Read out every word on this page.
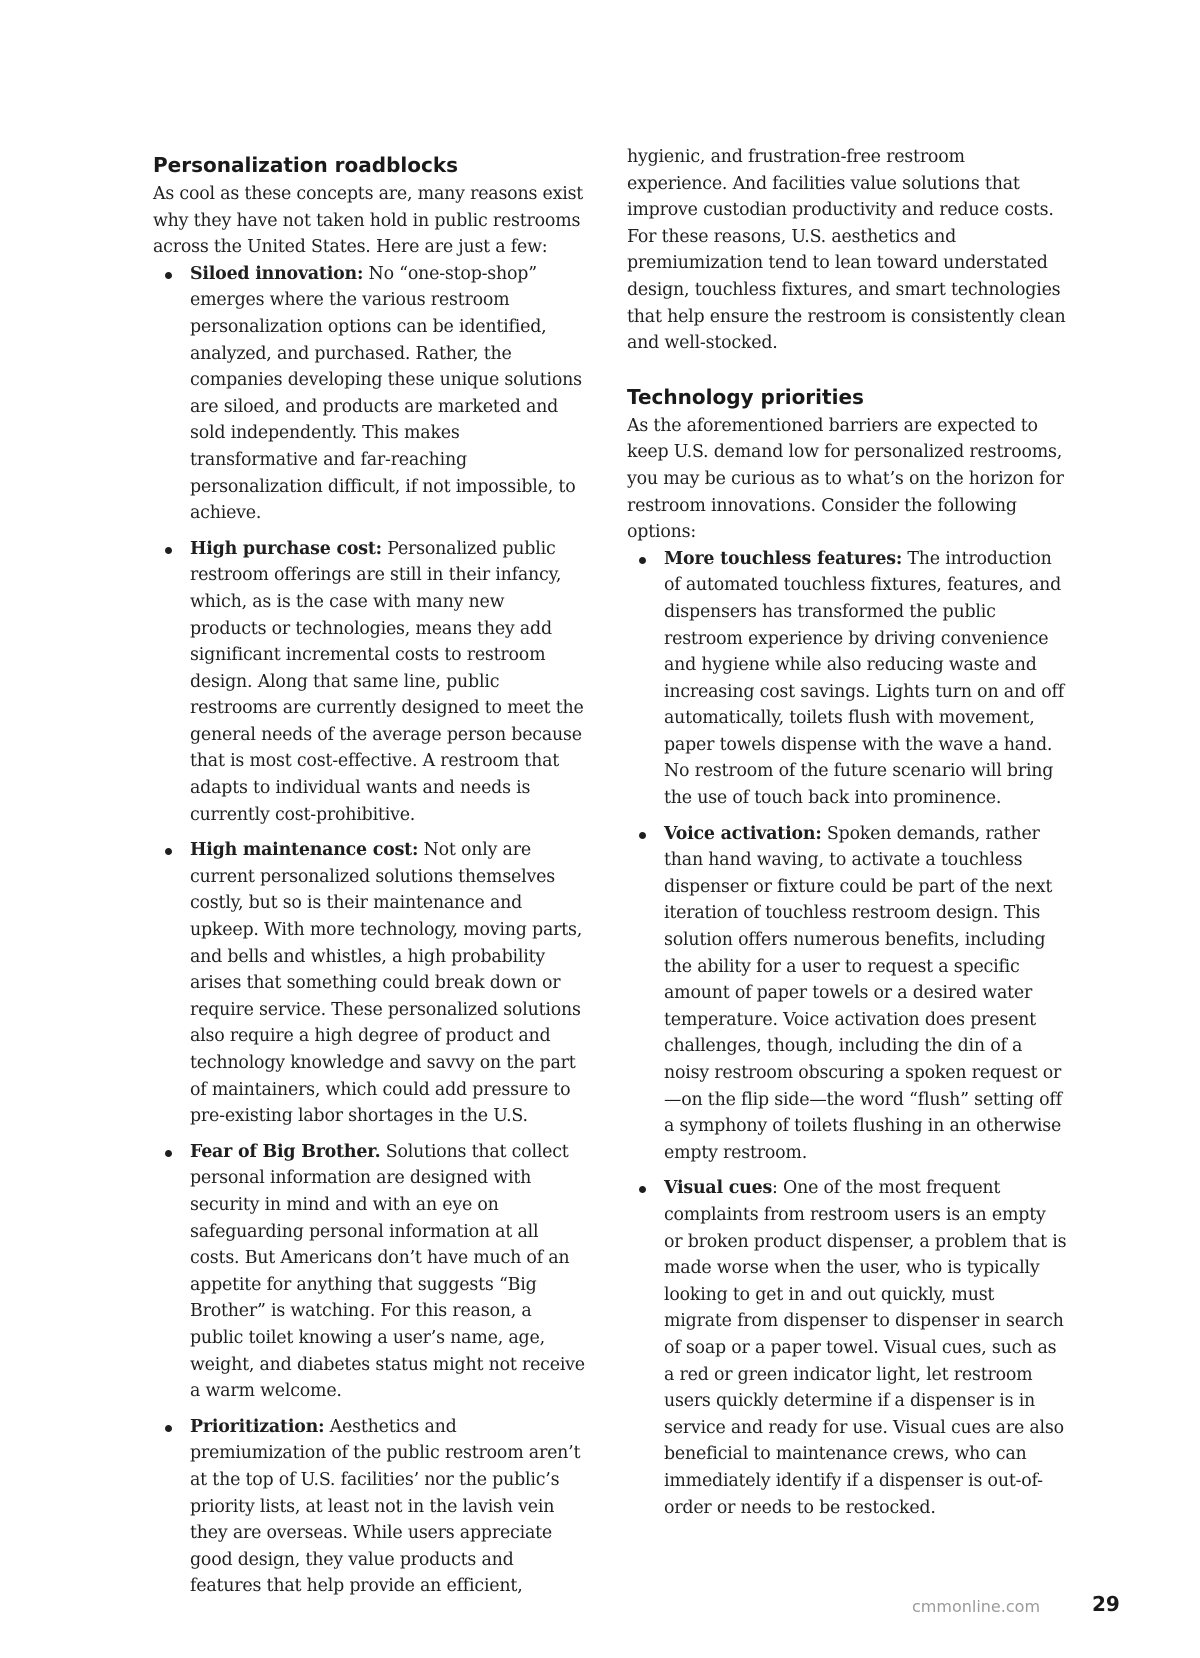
Personalization roadblocks

As cool as these concepts are, many reasons exist why they have not taken hold in public restrooms across the United States. Here are just a few:

Siloed innovation: No “one-stop-shop” emerges where the various restroom personalization options can be identified, analyzed, and purchased. Rather, the companies developing these unique solutions are siloed, and products are marketed and sold independently. This makes transformative and far-reaching personalization difficult, if not impossible, to achieve.
High purchase cost: Personalized public restroom offerings are still in their infancy, which, as is the case with many new products or technologies, means they add significant incremental costs to restroom design. Along that same line, public restrooms are currently designed to meet the general needs of the average person because that is most cost-effective. A restroom that adapts to individual wants and needs is currently cost-prohibitive.
High maintenance cost: Not only are current personalized solutions themselves costly, but so is their maintenance and upkeep. With more technology, moving parts, and bells and whistles, a high probability arises that something could break down or require service. These personalized solutions also require a high degree of product and technology knowledge and savvy on the part of maintainers, which could add pressure to pre-existing labor shortages in the U.S.
Fear of Big Brother. Solutions that collect personal information are designed with security in mind and with an eye on safeguarding personal information at all costs. But Americans don’t have much of an appetite for anything that suggests “Big Brother” is watching. For this reason, a public toilet knowing a user’s name, age, weight, and diabetes status might not receive a warm welcome.
Prioritization: Aesthetics and premiumization of the public restroom aren’t at the top of U.S. facilities’ nor the public’s priority lists, at least not in the lavish vein they are overseas. While users appreciate good design, they value products and features that help provide an efficient,

hygienic, and frustration-free restroom experience. And facilities value solutions that improve custodian productivity and reduce costs. For these reasons, U.S. aesthetics and premiumization tend to lean toward understated design, touchless fixtures, and smart technologies that help ensure the restroom is consistently clean and well-stocked.

Technology priorities

As the aforementioned barriers are expected to keep U.S. demand low for personalized restrooms, you may be curious as to what’s on the horizon for restroom innovations. Consider the following options:

More touchless features: The introduction of automated touchless fixtures, features, and dispensers has transformed the public restroom experience by driving convenience and hygiene while also reducing waste and increasing cost savings. Lights turn on and off automatically, toilets flush with movement, paper towels dispense with the wave a hand. No restroom of the future scenario will bring the use of touch back into prominence.
Voice activation: Spoken demands, rather than hand waving, to activate a touchless dispenser or fixture could be part of the next iteration of touchless restroom design. This solution offers numerous benefits, including the ability for a user to request a specific amount of paper towels or a desired water temperature. Voice activation does present challenges, though, including the din of a noisy restroom obscuring a spoken request or—on the flip side—the word “flush” setting off a symphony of toilets flushing in an otherwise empty restroom.
Visual cues: One of the most frequent complaints from restroom users is an empty or broken product dispenser, a problem that is made worse when the user, who is typically looking to get in and out quickly, must migrate from dispenser to dispenser in search of soap or a paper towel. Visual cues, such as a red or green indicator light, let restroom users quickly determine if a dispenser is in service and ready for use. Visual cues are also beneficial to maintenance crews, who can immediately identify if a dispenser is out-of-order or needs to be restocked.
cmmonline.com	29
